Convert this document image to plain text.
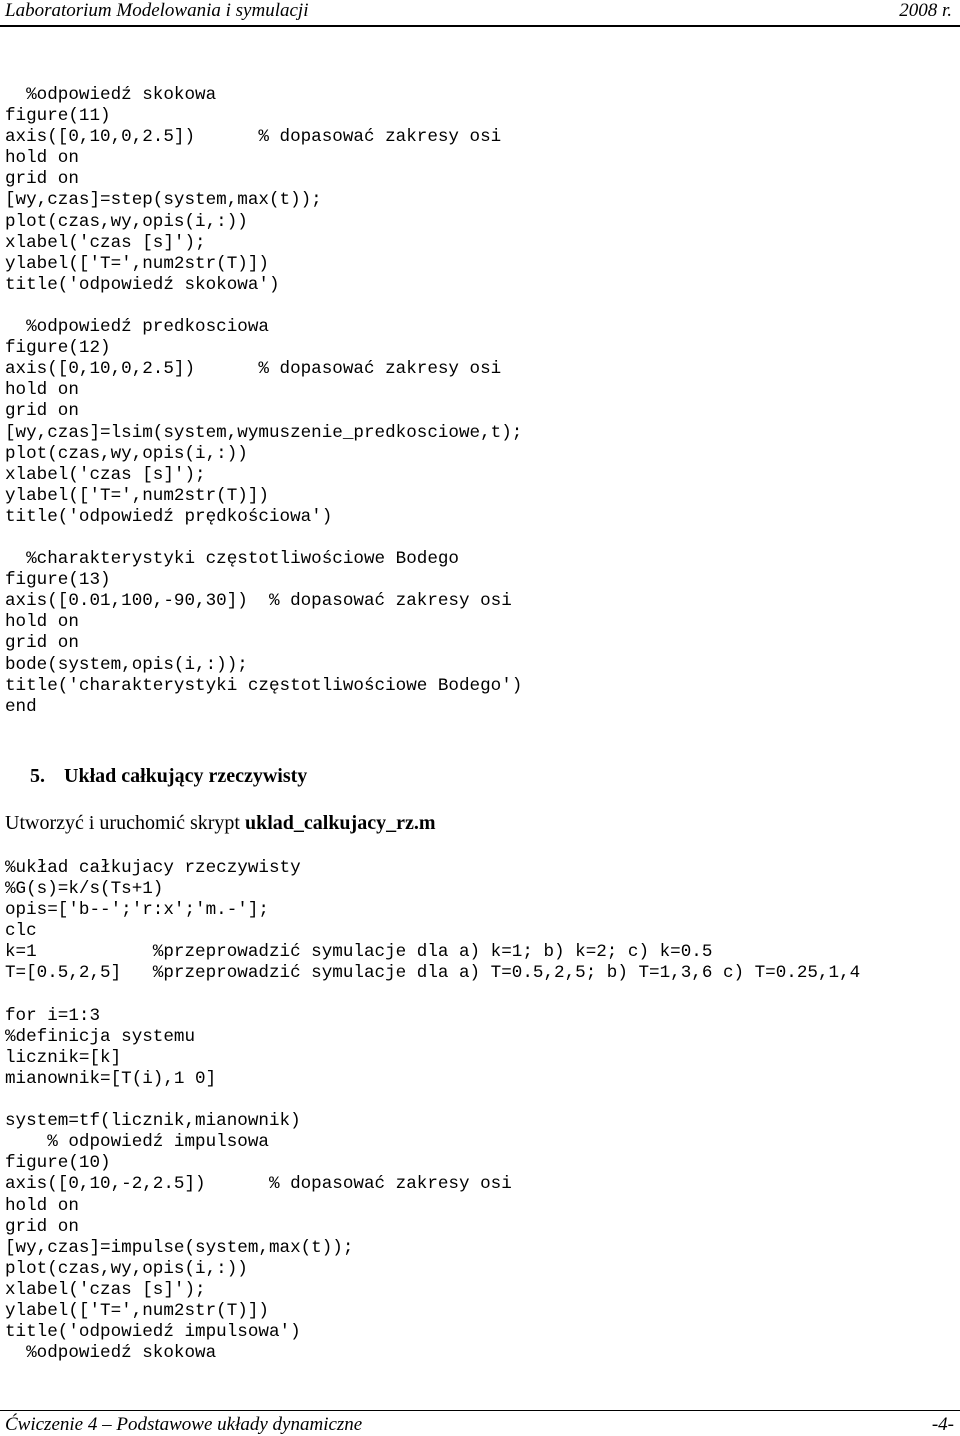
Laboratorium Modelowania i symulacji	2008 r.
%odpowiedź skokowa
figure(11)
axis([0,10,0,2.5])      % dopasować zakresy osi
hold on
grid on
[wy,czas]=step(system,max(t));
plot(czas,wy,opis(i,:))
xlabel('czas [s]');
ylabel(['T=',num2str(T)])
title('odpowiedź skokowa')

%odpowiedź predkosciowa
figure(12)
axis([0,10,0,2.5])      % dopasować zakresy osi
hold on
grid on
[wy,czas]=lsim(system,wymuszenie_predkosciowe,t);
plot(czas,wy,opis(i,:))
xlabel('czas [s]');
ylabel(['T=',num2str(T)])
title('odpowiedź prędkościowa')

%charakterystyki częstotliwościowe Bodego
figure(13)
axis([0.01,100,-90,30])  % dopasować zakresy osi
hold on
grid on
bode(system,opis(i,:));
title('charakterystyki częstotliwościowe Bodego')
end
5. Układ całkujący rzeczywisty
Utworzyć i uruchomić skrypt uklad_calkujacy_rz.m
%układ całkujacy rzeczywisty
%G(s)=k/s(Ts+1)
opis=['b--';'r:x';'m.-'];
clc
k=1           %przeprowadzić symulacje dla a) k=1; b) k=2; c) k=0.5
T=[0.5,2,5]   %przeprowadzić symulacje dla a) T=0.5,2,5; b) T=1,3,6 c) T=0.25,1,4

for i=1:3
%definicja systemu
licznik=[k]
mianownik=[T(i),1 0]

system=tf(licznik,mianownik)
% odpowiedź impulsowa
figure(10)
axis([0,10,-2,2.5])      % dopasować zakresy osi
hold on
grid on
[wy,czas]=impulse(system,max(t));
plot(czas,wy,opis(i,:))
xlabel('czas [s]');
ylabel(['T=',num2str(T)])
title('odpowiedź impulsowa')
%odpowiedź skokowa
Ćwiczenie 4 – Podstawowe układy dynamiczne	-4-
